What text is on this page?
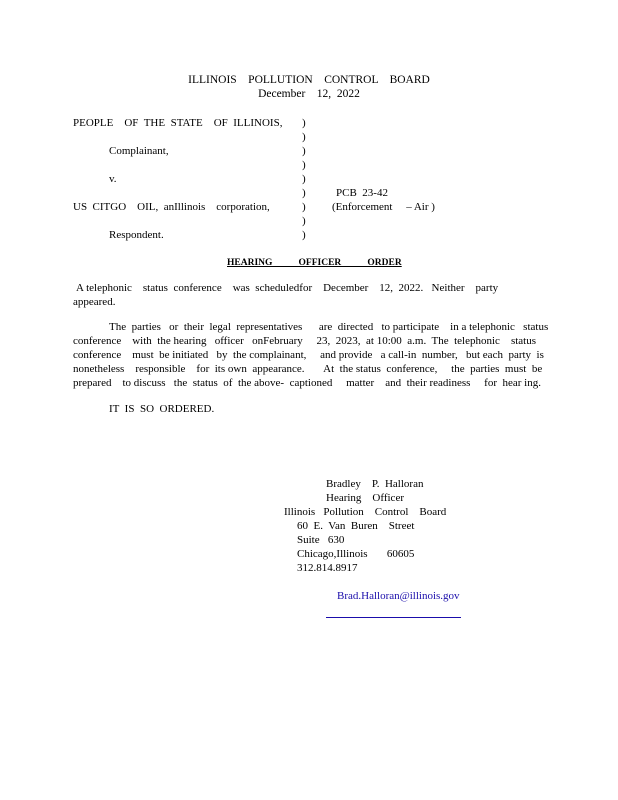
ILLINOIS    POLLUTION    CONTROL    BOARD
December    12,  2022
PEOPLE    OF  THE  STATE    OF  ILLINOIS,
Complainant,
v.
US  CITGO    OIL,  anIllinois    corporation,
Respondent.
PCB  23-42
(Enforcement     – Air )
)
)
)
)
)
)
)
)
)
HEARING           OFFICER           ORDER
A telephonic    status  conference    was  scheduledfor    December    12,  2022.   Neither    party
appeared.
The  parties   or  their  legal  representatives      are  directed   to participate    in a telephonic   status
conference    with  the hearing   officer   onFebruary     23,  2023,  at 10:00  a.m.  The  telephonic    status
conference    must  be initiated   by  the complainant,     and provide   a call-in  number,   but each  party  is
nonetheless    responsible    for  its own  appearance.       At  the status  conference,     the  parties  must  be
prepared    to discuss   the  status  of  the above-  captioned     matter    and  their readiness     for  hear ing.
IT  IS  SO  ORDERED.
Bradley    P.  Halloran
Hearing    Officer
Illinois   Pollution    Control    Board
60  E.  Van  Buren    Street
Suite   630
Chicago,Illinois       60605
312.814.8917

Brad.Halloran@illinois.gov
